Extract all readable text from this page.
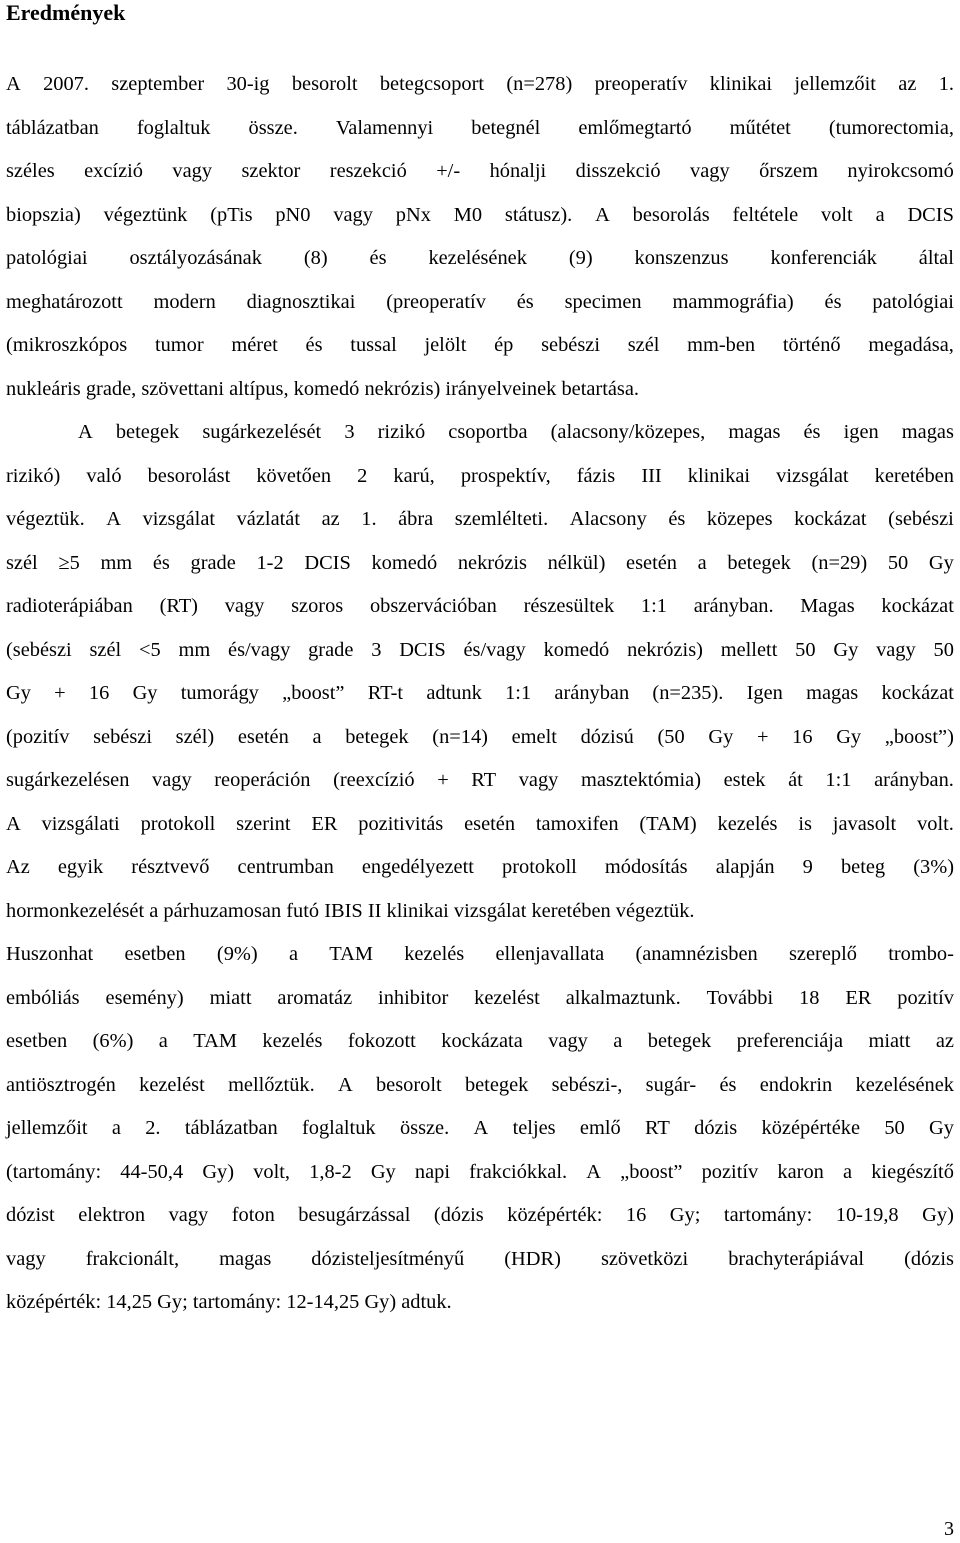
Eredmények
A 2007. szeptember 30-ig besorolt betegcsoport (n=278) preoperatív klinikai jellemzőit az 1.
táblázatban foglaltuk össze. Valamennyi betegnél emlőmegtartó műtétet (tumorectomia,
széles excízió vagy szektor reszekció +/- hónalji disszekció vagy őrszem nyirokcsomó
biopszia) végeztünk (pTis pN0 vagy pNx M0 státusz). A besorolás feltétele volt a DCIS
patológiai osztályozásának (8) és kezelésének (9) konszenzus konferenciák által
meghatározott modern diagnosztikai (preoperatív és specimen mammográfia) és patológiai
(mikroszkópos tumor méret és tussal jelölt ép sebészi szél mm-ben történő megadása,
nukleáris grade, szövettani altípus, komedó nekrózis) irányelveinek betartása.
A betegek sugárkezelését 3 rizikó csoportba (alacsony/közepes, magas és igen magas
rizikó) való besorolást követően 2 karú, prospektív, fázis III klinikai vizsgálat keretében
végeztük. A vizsgálat vázlatát az 1. ábra szemlélteti. Alacsony és közepes kockázat (sebészi
szél ≥5 mm és grade 1-2 DCIS komedó nekrózis nélkül) esetén a betegek (n=29) 50 Gy
radioterápiában (RT) vagy szoros obszervációban részesültek 1:1 arányban. Magas kockázat
(sebészi szél <5 mm és/vagy grade 3 DCIS és/vagy komedó nekrózis) mellett 50 Gy vagy 50
Gy + 16 Gy tumorágy „boost” RT-t adtunk 1:1 arányban (n=235). Igen magas kockázat
(pozitív sebészi szél) esetén a betegek (n=14) emelt dózisú (50 Gy + 16 Gy „boost”)
sugárkezelésen vagy reoperáción (reexcízió + RT vagy masztektómia) estek át 1:1 arányban.
A vizsgálati protokoll szerint ER pozitivitás esetén tamoxifen (TAM) kezelés is javasolt volt.
Az egyik résztvevő centrumban engedélyezett protokoll módosítás alapján 9 beteg (3%)
hormonkezelését a párhuzamosan futó IBIS II klinikai vizsgálat keretében végeztük.
Huszonhat esetben (9%) a TAM kezelés ellenjavallata (anamnézisben szereplő trombo-
embóliás esemény) miatt aromatáz inhibitor kezelést alkalmaztunk. További 18 ER pozitív
esetben (6%) a TAM kezelés fokozott kockázata vagy a betegek preferenciája miatt az
antiösztrogén kezelést mellőztük. A besorolt betegek sebészi-, sugár- és endokrin kezelésének
jellemzőit a 2. táblázatban foglaltuk össze. A teljes emlő RT dózis középértéke 50 Gy
(tartomány: 44-50,4 Gy) volt, 1,8-2 Gy napi frakciókkal. A „boost” pozitív karon a kiegészítő
dózist elektron vagy foton besugárzással (dózis középérték: 16 Gy; tartomány: 10-19,8 Gy)
vagy frakcionált, magas dózisteljesítményű (HDR) szövetközi brachyterápiával (dózis
középérték: 14,25 Gy; tartomány: 12-14,25 Gy) adtuk.
3
